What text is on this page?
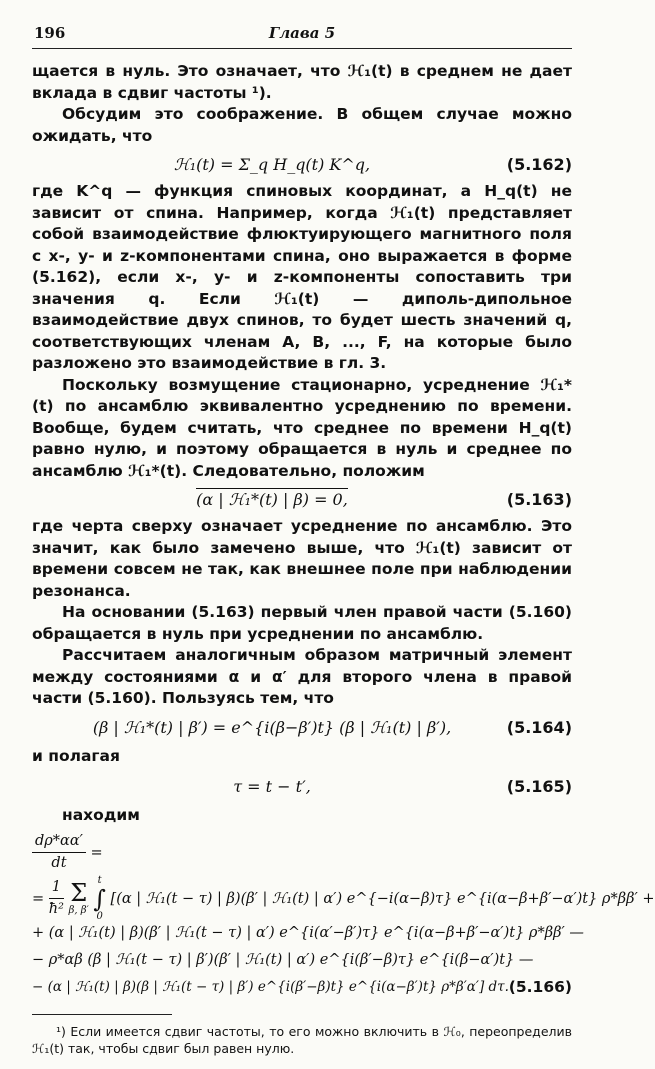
196	Глава 5

щается в нуль. Это означает, что ℋ₁(t) в среднем не дает вклада в сдвиг частоты ¹).

Обсудим это соображение. В общем случае можно ожидать, что

ℋ₁(t) = Σ_q H_q(t) K^q,	(5.162)

где K^q — функция спиновых координат, а H_q(t) не зависит от спина. Например, когда ℋ₁(t) представляет собой взаимодействие флюктуирующего магнитного поля с x-, y- и z-компонентами спина, оно выражается в форме (5.162), если x-, y- и z-компоненты сопоставить три значения q. Если ℋ₁(t) — диполь-дипольное взаимодействие двух спинов, то будет шесть значений q, соответствующих членам A, B, ..., F, на которые было разложено это взаимодействие в гл. 3.

Поскольку возмущение стационарно, усреднение ℋ₁*(t) по ансамблю эквивалентно усреднению по времени. Вообще, будем считать, что среднее по времени H_q(t) равно нулю, и поэтому обращается в нуль и среднее по ансамблю ℋ₁*(t). Следовательно, положим

(α | ℋ₁*(t) | β) = 0,	(5.163)

где черта сверху означает усреднение по ансамблю. Это значит, как было замечено выше, что ℋ₁(t) зависит от времени совсем не так, как внешнее поле при наблюдении резонанса.

На основании (5.163) первый член правой части (5.160) обращается в нуль при усреднении по ансамблю.

Рассчитаем аналогичным образом матричный элемент между состояниями α и α′ для второго члена в правой части (5.160). Пользуясь тем, что

(β | ℋ₁*(t) | β′) = e^{i(β−β′)t} (β | ℋ₁(t) | β′),	(5.164)

и полагая

τ = t − t′,	(5.165)

находим

$\frac{d\rho*\alpha\alpha'}{dt}$ =
= $\frac{1}{\text{ħ²}}$
Σ
β, β′

t
∫
0
[(α | ℋ₁(t − τ) | β)(β′ | ℋ₁(t) | α′) e^{−i(α−β)τ} e^{i(α−β+β′−α′)t} ρ*ββ′ +
+ (α | ℋ₁(t) | β)(β′ | ℋ₁(t − τ) | α′) e^{i(α′−β′)τ} e^{i(α−β+β′−α′)t} ρ*ββ′ —
− ρ*αβ (β | ℋ₁(t − τ) | β′)(β′ | ℋ₁(t) | α′) e^{i(β′−β)τ} e^{i(β−α′)t} —
− (α | ℋ₁(t) | β)(β | ℋ₁(t − τ) | β′) e^{i(β′−β)t} e^{i(α−β′)t} ρ*β′α′] dτ. (5.166)

¹) Если имеется сдвиг частоты, то его можно включить в ℋ₀, переопределив ℋ₁(t) так, чтобы сдвиг был равен нулю.
